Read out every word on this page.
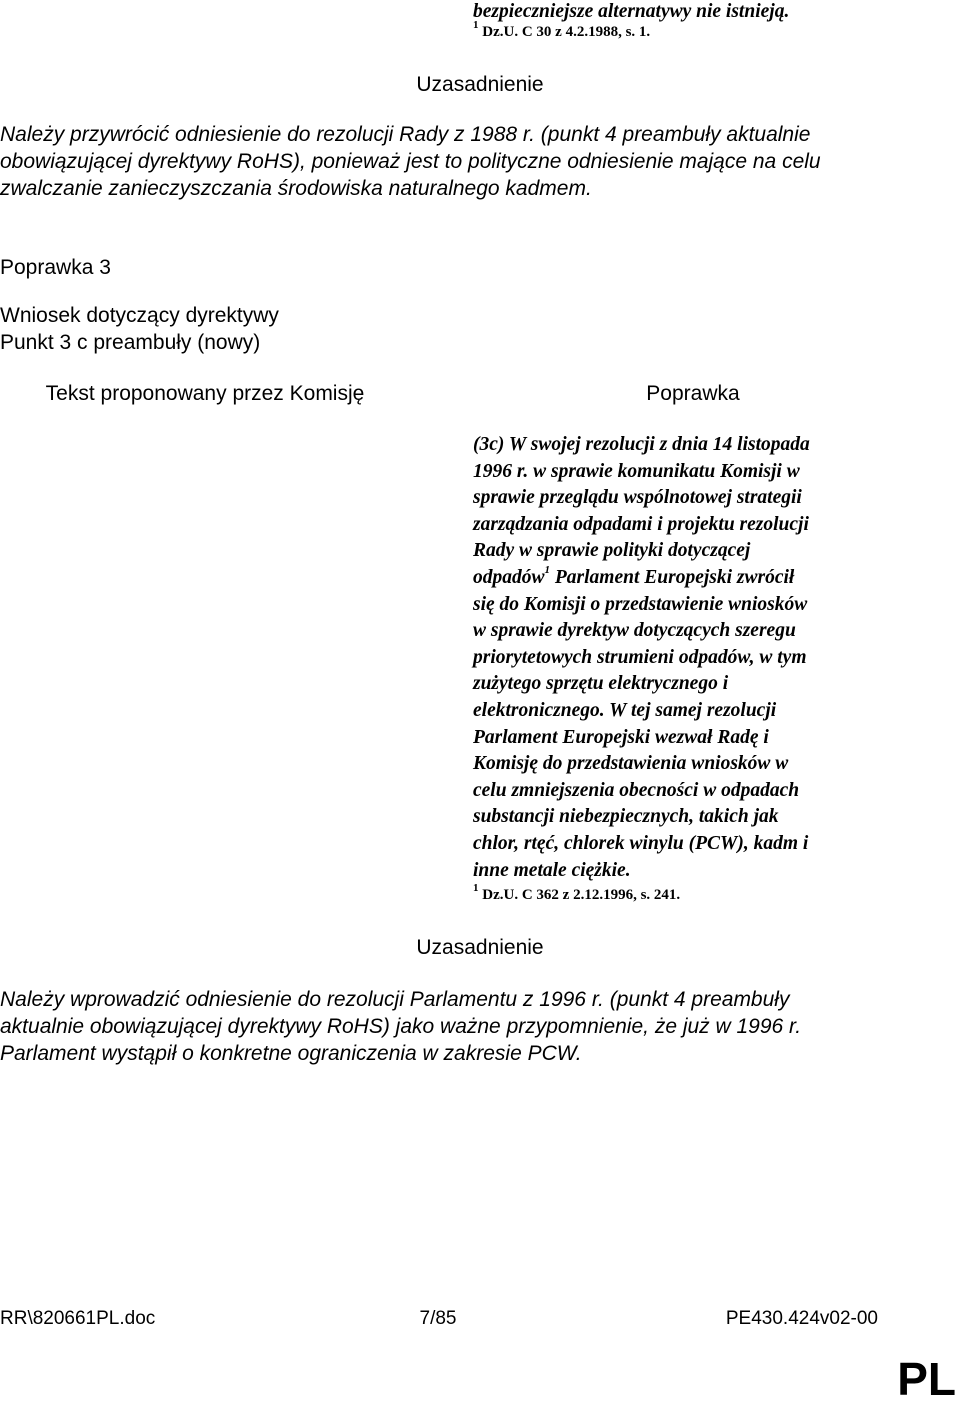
bezpieczniejsze alternatywy nie istnieją.
$^1$ Dz.U. C 30 z 4.2.1988, s. 1.
Uzasadnienie
Należy przywrócić odniesienie do rezolucji Rady z 1988 r. (punkt 4 preambuły aktualnie
obowiązującej dyrektywy RoHS), ponieważ jest to polityczne odniesienie mające na celu
zwalczanie zanieczyszczania środowiska naturalnego kadmem.
Poprawka 3
Wniosek dotyczący dyrektywy
Punkt 3 c preambuły (nowy)
Tekst proponowany przez Komisję	Poprawka
(3c) W swojej rezolucji z dnia 14 listopada
1996 r. w sprawie komunikatu Komisji w
sprawie przeglądu wspólnotowej strategii
zarządzania odpadami i projektu rezolucji
Rady w sprawie polityki dotyczącej
odpadów$^1$ Parlament Europejski zwrócił
się do Komisji o przedstawienie wniosków
w sprawie dyrektyw dotyczących szeregu
priorytetowych strumieni odpadów, w tym
zużytego sprzętu elektrycznego i
elektronicznego. W tej samej rezolucji
Parlament Europejski wezwał Radę i
Komisję do przedstawienia wniosków w
celu zmniejszenia obecności w odpadach
substancji niebezpiecznych, takich jak
chlor, rtęć, chlorek winylu (PCW), kadm i
inne metale ciężkie.
$^1$ Dz.U. C 362 z 2.12.1996, s. 241.
Uzasadnienie
Należy wprowadzić odniesienie do rezolucji Parlamentu z 1996 r. (punkt 4 preambuły
aktualnie obowiązującej dyrektywy RoHS) jako ważne przypomnienie, że już w 1996 r.
Parlament wystąpił o konkretne ograniczenia w zakresie PCW.
RR\820661PL.doc	7/85	PE430.424v02-00
PL
